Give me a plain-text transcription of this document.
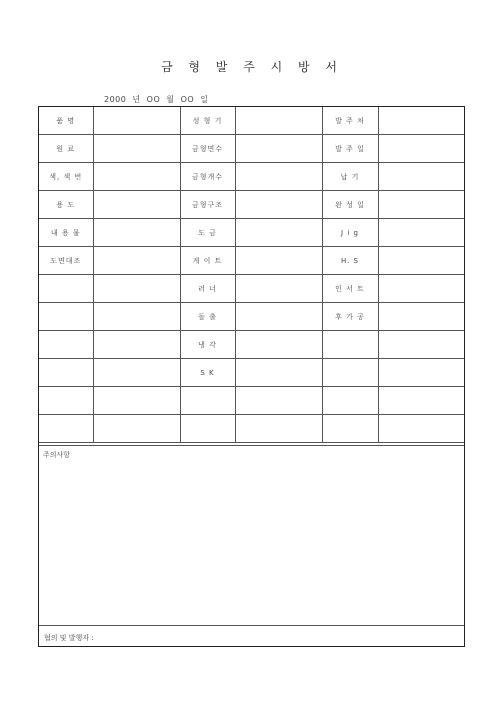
금 형 발 주 시 방 서
2000 년 OO 월 OO 일
품 명		성 형 기		발 주 처	
원 료		금형면수		발 주 일	
색, 색 번		금형개수		납 기	
용 도		금형구조		완 성 일	
내 용 물		도 금		J i g	
도면대조		게 이 트		H. S	
		러 너		인 서 트	
		돌 출		후 가 공	
		냉 각			
		S K			

주의사항
협의 및 발행자 :
